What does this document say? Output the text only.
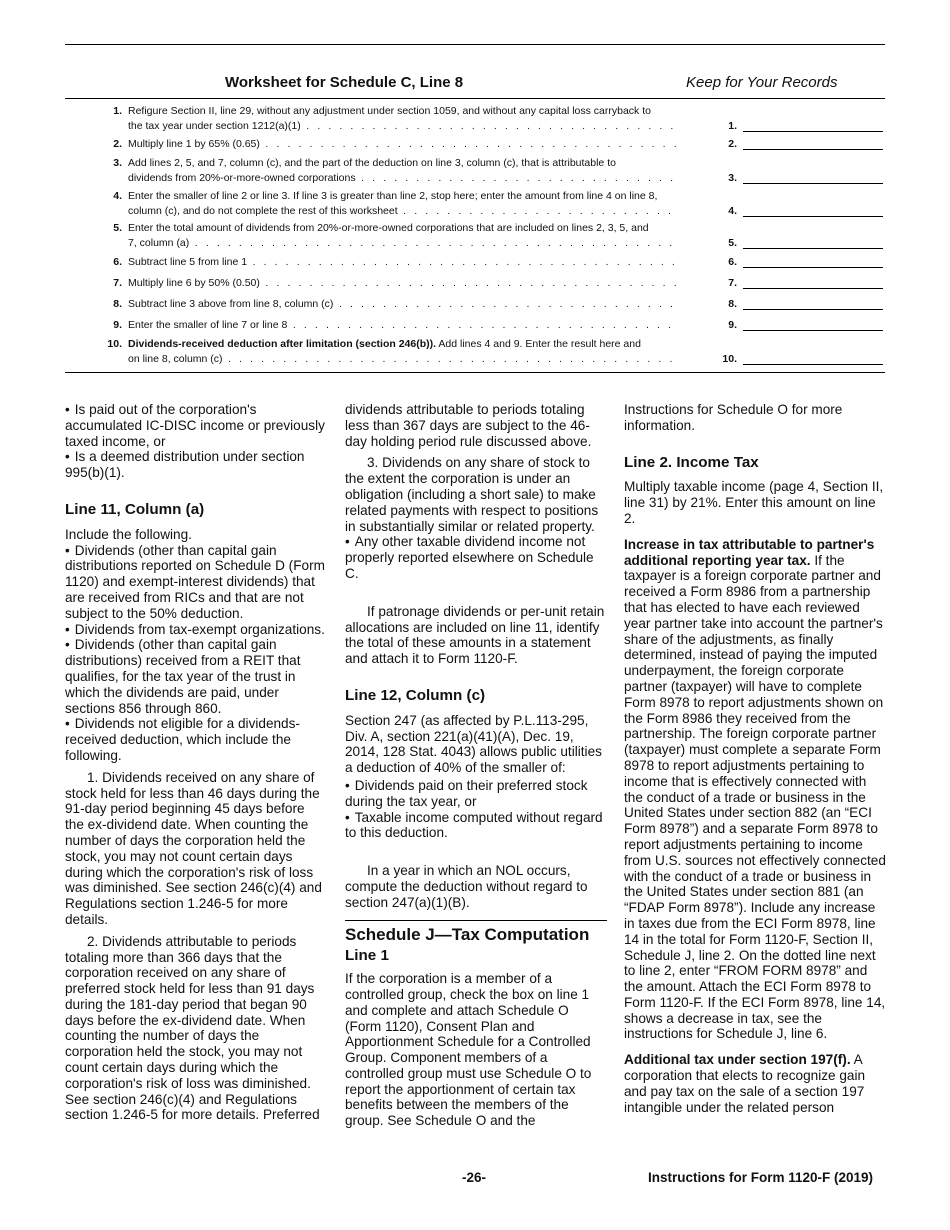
Worksheet for Schedule C, Line 8	Keep for Your Records
1. Refigure Section II, line 29, without any adjustment under section 1059, and without any capital loss carryback to
the tax year under section 1212(a)(1) . . .	1.
2. Multiply line 1 by 65% (0.65) . . .	2.
3. Add lines 2, 5, and 7, column (c), and the part of the deduction on line 3, column (c), that is attributable to
dividends from 20%-or-more-owned corporations . . .	3.
4. Enter the smaller of line 2 or line 3. If line 3 is greater than line 2, stop here; enter the amount from line 4 on line 8,
column (c), and do not complete the rest of this worksheet . . .	4.
5. Enter the total amount of dividends from 20%-or-more-owned corporations that are included on lines 2, 3, 5, and
7, column (a) . . .	5.
6. Subtract line 5 from line 1 . . .	6.
7. Multiply line 6 by 50% (0.50) . . .	7.
8. Subtract line 3 above from line 8, column (c) . . .	8.
9. Enter the smaller of line 7 or line 8 . . .	9.
10. Dividends-received deduction after limitation (section 246(b)). Add lines 4 and 9. Enter the result here and
on line 8, column (c) . . .	10.

• Is paid out of the corporation's accumulated IC-DISC income or previously taxed income, or

• Is a deemed distribution under section 995(b)(1).

Line 11, Column (a)

Include the following.

• Dividends (other than capital gain distributions reported on Schedule D (Form 1120) and exempt-interest dividends) that are received from RICs and that are not subject to the 50% deduction.

• Dividends from tax-exempt organizations.

• Dividends (other than capital gain distributions) received from a REIT that qualifies, for the tax year of the trust in which the dividends are paid, under sections 856 through 860.

• Dividends not eligible for a dividends-received deduction, which include the following.

1. Dividends received on any share of stock held for less than 46 days during the 91-day period beginning 45 days before the ex-dividend date. When counting the number of days the corporation held the stock, you may not count certain days during which the corporation's risk of loss was diminished. See section 246(c)(4) and Regulations section 1.246-5 for more details.

2. Dividends attributable to periods totaling more than 366 days that the corporation received on any share of preferred stock held for less than 91 days during the 181-day period that began 90 days before the ex-dividend date. When counting the number of days the corporation held the stock, you may not count certain days during which the corporation's risk of loss was diminished. See section 246(c)(4) and Regulations section 1.246-5 for more details. Preferred

dividends attributable to periods totaling less than 367 days are subject to the 46-day holding period rule discussed above.

3. Dividends on any share of stock to the extent the corporation is under an obligation (including a short sale) to make related payments with respect to positions in substantially similar or related property.

• Any other taxable dividend income not properly reported elsewhere on Schedule C.

If patronage dividends or per-unit retain allocations are included on line 11, identify the total of these amounts in a statement and attach it to Form 1120-F.

Line 12, Column (c)

Section 247 (as affected by P.L.113-295, Div. A, section 221(a)(41)(A), Dec. 19, 2014, 128 Stat. 4043) allows public utilities a deduction of 40% of the smaller of:

• Dividends paid on their preferred stock during the tax year, or

• Taxable income computed without regard to this deduction.

In a year in which an NOL occurs, compute the deduction without regard to section 247(a)(1)(B).

Schedule J—Tax Computation
Line 1

If the corporation is a member of a controlled group, check the box on line 1 and complete and attach Schedule O (Form 1120), Consent Plan and Apportionment Schedule for a Controlled Group. Component members of a controlled group must use Schedule O to report the apportionment of certain tax benefits between the members of the group. See Schedule O and the

Instructions for Schedule O for more information.

Line 2. Income Tax

Multiply taxable income (page 4, Section II, line 31) by 21%. Enter this amount on line 2.

Increase in tax attributable to partner's additional reporting year tax. If the taxpayer is a foreign corporate partner and received a Form 8986 from a partnership that has elected to have each reviewed year partner take into account the partner's share of the adjustments, as finally determined, instead of paying the imputed underpayment, the foreign corporate partner (taxpayer) will have to complete Form 8978 to report adjustments shown on the Form 8986 they received from the partnership. The foreign corporate partner (taxpayer) must complete a separate Form 8978 to report adjustments pertaining to income that is effectively connected with the conduct of a trade or business in the United States under section 882 (an “ECI Form 8978”) and a separate Form 8978 to report adjustments pertaining to income from U.S. sources not effectively connected with the conduct of a trade or business in the United States under section 881 (an “FDAP Form 8978”). Include any increase in taxes due from the ECI Form 8978, line 14 in the total for Form 1120-F, Section II, Schedule J, line 2. On the dotted line next to line 2, enter “FROM FORM 8978” and the amount. Attach the ECI Form 8978 to Form 1120-F. If the ECI Form 8978, line 14, shows a decrease in tax, see the instructions for Schedule J, line 6.

Additional tax under section 197(f). A corporation that elects to recognize gain and pay tax on the sale of a section 197 intangible under the related person

-26-	Instructions for Form 1120-F (2019)
